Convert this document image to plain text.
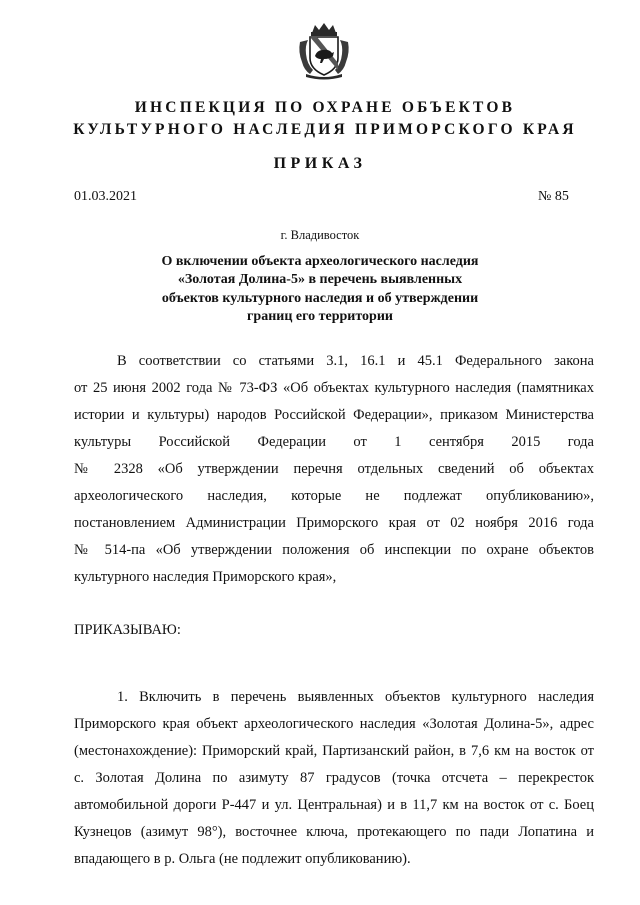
ИНСПЕКЦИЯ ПО ОХРАНЕ ОБЪЕКТОВ
КУЛЬТУРНОГО НАСЛЕДИЯ ПРИМОРСКОГО КРАЯ
ПРИКАЗ
01.03.2021	№ 85
г. Владивосток
О включении объекта археологического наследия
«Золотая Долина-5» в перечень выявленных
объектов культурного наследия и об утверждении
границ его территории
В соответствии со статьями 3.1, 16.1 и 45.1 Федерального закона
от 25 июня 2002 года № 73-ФЗ «Об объектах культурного наследия (памятниках
истории и культуры) народов Российской Федерации», приказом Министерства
культуры Российской Федерации от 1 сентября 2015 года
№ 2328 «Об утверждении перечня отдельных сведений об объектах
археологического наследия, которые не подлежат опубликованию»,
постановлением Администрации Приморского края от 02 ноября 2016 года
№ 514-па «Об утверждении положения об инспекции по охране объектов
культурного наследия Приморского края»,
ПРИКАЗЫВАЮ:
1. Включить в перечень выявленных объектов культурного наследия
Приморского края объект археологического наследия «Золотая Долина-5», адрес
(местонахождение): Приморский край, Партизанский район, в 7,6 км на восток от
с. Золотая Долина по азимуту 87 градусов (точка отсчета – перекресток
автомобильной дороги Р-447 и ул. Центральная) и в 11,7 км на восток от с. Боец
Кузнецов (азимут 98°), восточнее ключа, протекающего по пади Лопатина и
впадающего в р. Ольга (не подлежит опубликованию).
